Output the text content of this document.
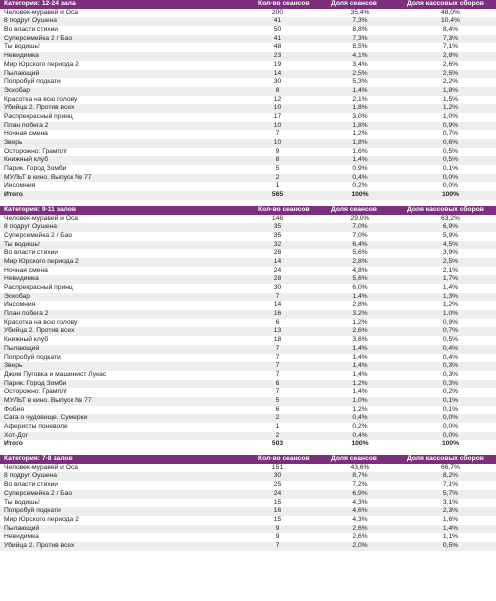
Категория: 12-24 зала	Кол-во сеансов	Доля сеансов	Доля кассовых сборов
Человек-муравей и Оса	200	35,4%	48,0%
8 подруг Оушена	41	7,3%	10,4%
Во власти стихии	50	8,8%	8,4%
Суперсемейка 2 / Бао	41	7,3%	7,3%
Ты водишь!	48	8,5%	7,1%
Невидимка	23	4,1%	2,8%
Мир Юрского периода 2	19	3,4%	2,6%
Пылающий	14	2,5%	2,5%
Попробуй подкати	30	5,3%	2,2%
Эскобар	8	1,4%	1,8%
Красотка на всю голову	12	2,1%	1,5%
Убийца 2. Против всех	10	1,8%	1,2%
Распрекрасный принц	17	3,0%	1,0%
План побега 2	10	1,8%	0,9%
Ночная смена	7	1,2%	0,7%
Зверь	10	1,8%	0,6%
Осторожно: Грампл!	9	1,6%	0,5%
Книжный клуб	8	1,4%	0,5%
Парик. Город Зомби	5	0,9%	0,1%
МУЛЬТ в кино. Выпуск № 77	2	0,4%	0,0%
Инсомния	1	0,2%	0,0%
Итого	565	100%	100%
Категория: 9-11 залов	Кол-во сеансов	Доля сеансов	Доля кассовых сборов
Человек-муравей и Оса	146	29,0%	63,2%
8 подруг Оушена	35	7,0%	6,9%
Суперсемейка 2 / Бао	35	7,0%	5,9%
Ты водишь!	32	6,4%	4,5%
Во власти стихии	28	5,6%	3,9%
Мир Юрского периода 2	14	2,8%	2,5%
Ночная смена	24	4,8%	2,1%
Невидимка	28	5,6%	1,7%
Распрекрасный принц	30	6,0%	1,4%
Эскобар	7	1,4%	1,3%
Инсомния	14	2,8%	1,2%
План побега 2	16	3,2%	1,0%
Красотка на всю голову	6	1,2%	0,9%
Убийца 2. Против всех	13	2,6%	0,7%
Книжный клуб	18	3,6%	0,5%
Пылающий	7	1,4%	0,4%
Попробуй подкати	7	1,4%	0,4%
Зверь	7	1,4%	0,3%
Джим Пуговка и машинист Лукас	7	1,4%	0,3%
Парик. Город Зомби	6	1,2%	0,3%
Осторожно: Грампл!	7	1,4%	0,2%
МУЛЬТ в кино. Выпуск № 77	5	1,0%	0,1%
Фобия	6	1,2%	0,1%
Сага о чудовище. Сумерки	2	0,4%	0,0%
Аферисты поневоле	1	0,2%	0,0%
Хот-Дог	2	0,4%	0,0%
Итого	503	100%	100%
Категория: 7-8 залов	Кол-во сеансов	Доля сеансов	Доля кассовых сборов
Человек-муравей и Оса	151	43,6%	66,7%
8 подруг Оушена	30	8,7%	8,2%
Во власти стихии	25	7,2%	7,1%
Суперсемейка 2 / Бао	24	6,9%	5,7%
Ты водишь!	15	4,3%	3,1%
Попробуй подкати	16	4,6%	2,3%
Мир Юрского периода 2	15	4,3%	1,6%
Пылающий	9	2,6%	1,4%
Невидимка	9	2,6%	1,1%
Убийца 2. Против всех	7	2,0%	0,5%
